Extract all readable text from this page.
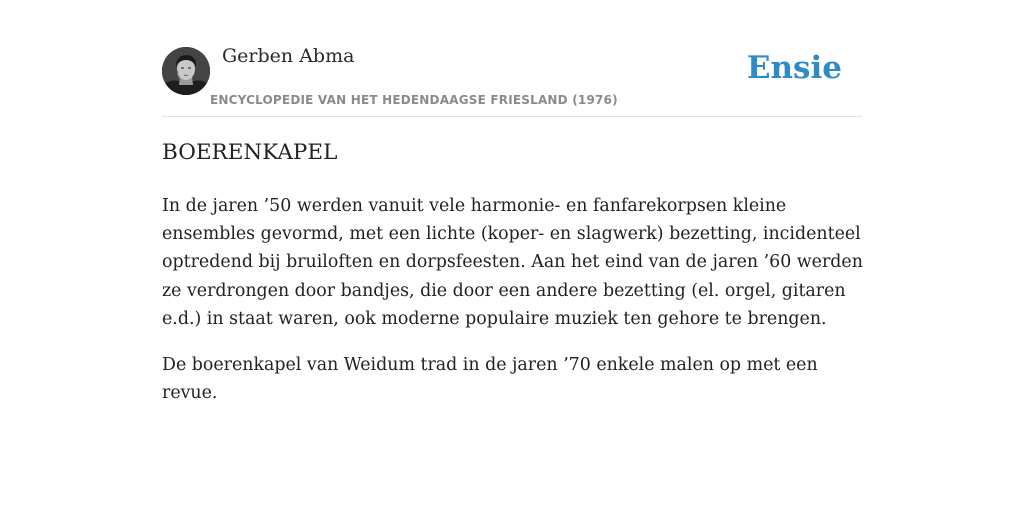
Gerben Abma
ENCYCLOPEDIE VAN HET HEDENDAAGSE FRIESLAND (1976)
Ensie
BOERENKAPEL

In de jaren ’50 werden vanuit vele harmonie- en fanfarekorpsen kleine ensembles gevormd, met een lichte (koper- en slagwerk) bezetting, incidenteel optredend bij bruiloften en dorpsfeesten. Aan het eind van de jaren ’60 werden ze verdrongen door bandjes, die door een andere bezetting (el. orgel, gitaren e.d.) in staat waren, ook moderne populaire muziek ten gehore te brengen.

De boerenkapel van Weidum trad in de jaren ’70 enkele malen op met een revue.
